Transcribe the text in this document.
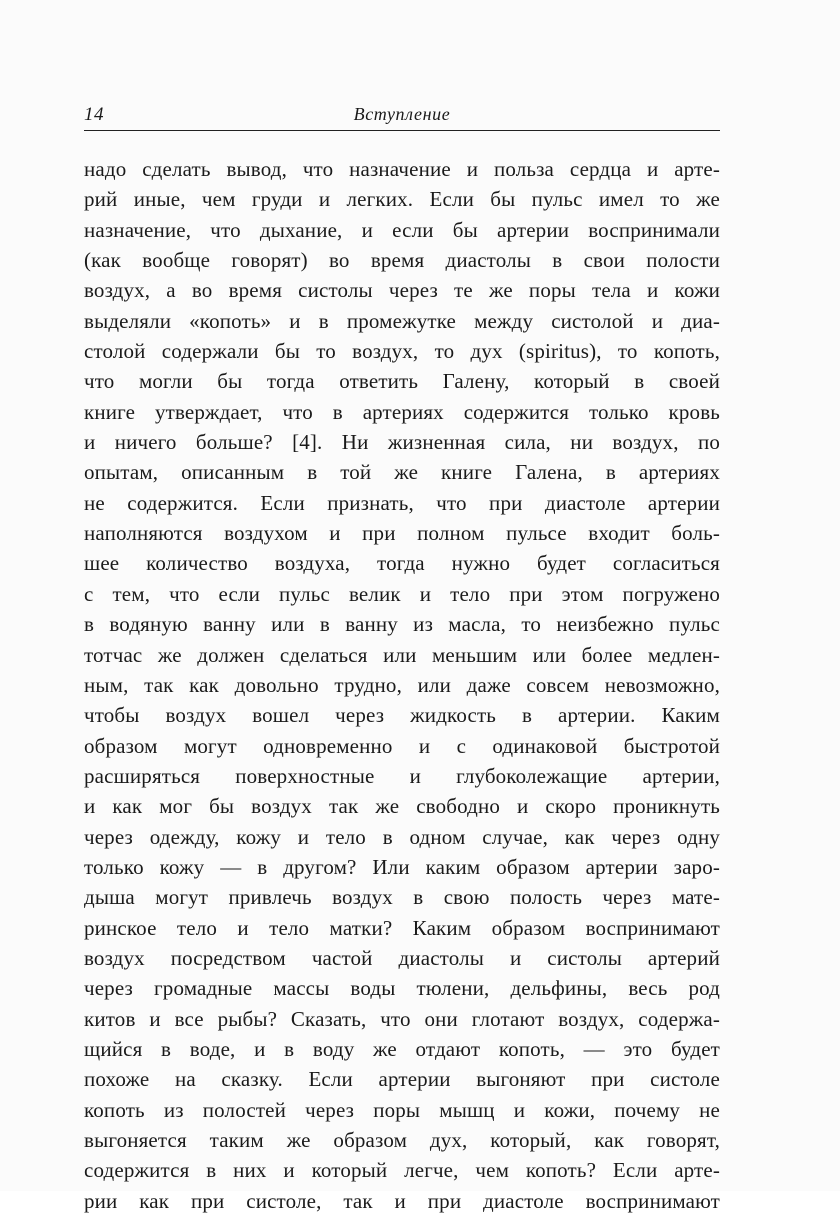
14	Вступление
надо сделать вывод, что назначение и польза сердца и арте-
рий иные, чем груди и легких. Если бы пульс имел то же
назначение, что дыхание, и если бы артерии воспринимали
(как вообще говорят) во время диастолы в свои полости
воздух, а во время систолы через те же поры тела и кожи
выделяли «копоть» и в промежутке между систолой и диа-
столой содержали бы то воздух, то дух (spiritus), то копоть,
что могли бы тогда ответить Галену, который в своей
книге утверждает, что в артериях содержится только кровь
и ничего больше? [4]. Ни жизненная сила, ни воздух, по
опытам, описанным в той же книге Галена, в артериях
не содержится. Если признать, что при диастоле артерии
наполняются воздухом и при полном пульсе входит боль-
шее количество воздуха, тогда нужно будет согласиться
с тем, что если пульс велик и тело при этом погружено
в водяную ванну или в ванну из масла, то неизбежно пульс
тотчас же должен сделаться или меньшим или более медлен-
ным, так как довольно трудно, или даже совсем невозможно,
чтобы воздух вошел через жидкость в артерии. Каким
образом могут одновременно и с одинаковой быстротой
расширяться поверхностные и глубоколежащие артерии,
и как мог бы воздух так же свободно и скоро проникнуть
через одежду, кожу и тело в одном случае, как через одну
только кожу — в другом? Или каким образом артерии заро-
дыша могут привлечь воздух в свою полость через мате-
ринское тело и тело матки? Каким образом воспринимают
воздух посредством частой диастолы и систолы артерий
через громадные массы воды тюлени, дельфины, весь род
китов и все рыбы? Сказать, что они глотают воздух, содержа-
щийся в воде, и в воду же отдают копоть, — это будет
похоже на сказку. Если артерии выгоняют при систоле
копоть из полостей через поры мышц и кожи, почему не
выгоняется таким же образом дух, который, как говорят,
содержится в них и который легче, чем копоть? Если арте-
рии как при систоле, так и при диастоле воспринимают
